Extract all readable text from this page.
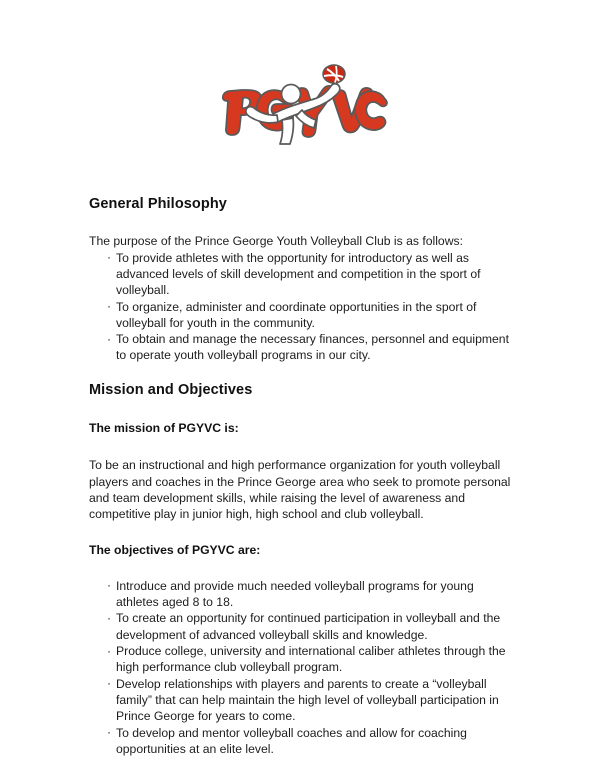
General Philosophy

The purpose of the Prince George Youth Volleyball Club is as follows:

· To provide athletes with the opportunity for introductory as well as advanced levels of skill development and competition in the sport of volleyball.
· To organize, administer and coordinate opportunities in the sport of volleyball for youth in the community.
· To obtain and manage the necessary finances, personnel and equipment to operate youth volleyball programs in our city.
Mission and Objectives
The mission of PGYVC is:

To be an instructional and high performance organization for youth volleyball players and coaches in the Prince George area who seek to promote personal and team development skills, while raising the level of awareness and competitive play in junior high, high school and club volleyball.

The objectives of PGYVC are:
· Introduce and provide much needed volleyball programs for young athletes aged 8 to 18.
· To create an opportunity for continued participation in volleyball and the development of advanced volleyball skills and knowledge.
· Produce college, university and international caliber athletes through the high performance club volleyball program.
· Develop relationships with players and parents to create a “volleyball family” that can help maintain the high level of volleyball participation in Prince George for years to come.
· To develop and mentor volleyball coaches and allow for coaching opportunities at an elite level.
